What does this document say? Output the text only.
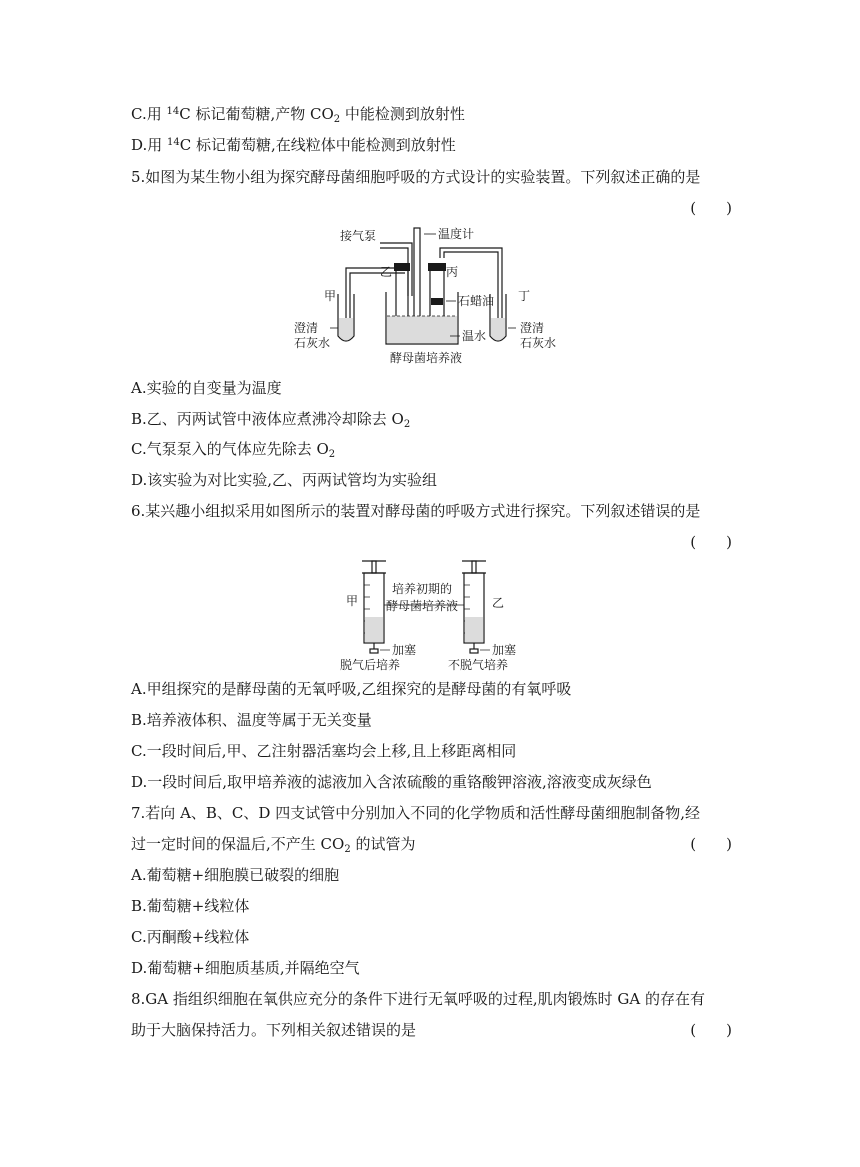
C.用 $^{14}$C 标记葡萄糖,产物 $CO_2$ 中能检测到放射性
D.用 $^{14}$C 标记葡萄糖,在线粒体中能检测到放射性
5.如图为某生物小组为探究酵母菌细胞呼吸的方式设计的实验装置。下列叙述正确的是
(　　)
接气泵	温度计
乙	丙
石蜡油
甲	丁
澄清
石灰水	温水
酵母菌培养液
澄清
石灰水
A.实验的自变量为温度
B.乙、丙两试管中液体应煮沸冷却除去 $O_2$
C.气泵泵入的气体应先除去 $O_2$
D.该实验为对比实验,乙、丙两试管均为实验组
6.某兴趣小组拟采用如图所示的装置对酵母菌的呼吸方式进行探究。下列叙述错误的是
(　　)
甲	乙
培养初期的
酵母菌培养液
加塞	加塞
脱气后培养	不脱气培养
A.甲组探究的是酵母菌的无氧呼吸,乙组探究的是酵母菌的有氧呼吸
B.培养液体积、温度等属于无关变量
C.一段时间后,甲、乙注射器活塞均会上移,且上移距离相同
D.一段时间后,取甲培养液的滤液加入含浓硫酸的重铬酸钾溶液,溶液变成灰绿色
7.若向 A、B、C、D 四支试管中分别加入不同的化学物质和活性酵母菌细胞制备物,经
过一定时间的保温后,不产生 $CO_2$ 的试管为	(　　)
A.葡萄糖+细胞膜已破裂的细胞
B.葡萄糖+线粒体
C.丙酮酸+线粒体
D.葡萄糖+细胞质基质,并隔绝空气
8.GA 指组织细胞在氧供应充分的条件下进行无氧呼吸的过程,肌肉锻炼时 GA 的存在有
助于大脑保持活力。下列相关叙述错误的是	(　　)
